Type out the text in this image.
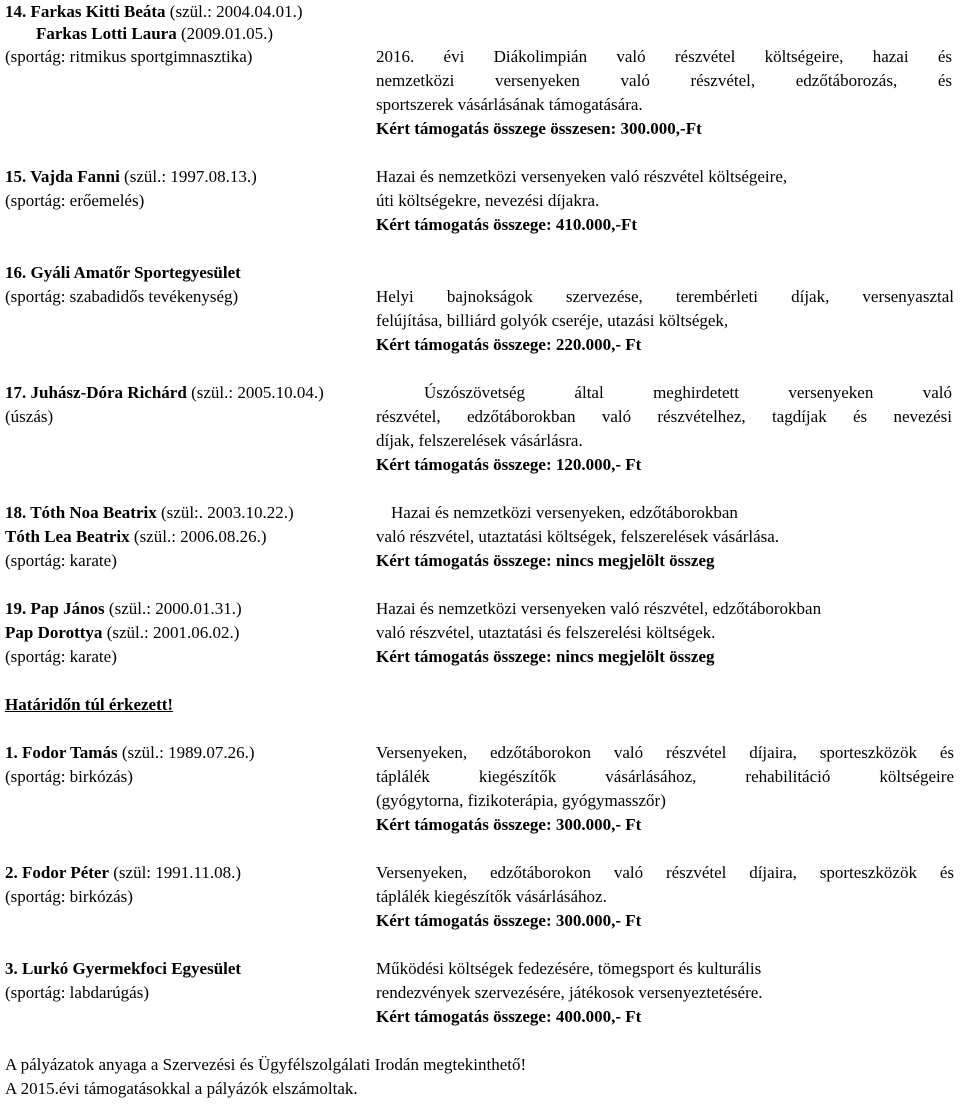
14. Farkas Kitti Beáta (szül.: 2004.04.01.)
Farkas Lotti Laura (2009.01.05.)
(sportág: ritmikus sportgimnasztika)	2016. évi Diákolimpián való részvétel költségeire, hazai és
nemzetközi versenyeken való részvétel, edzőtáborozás, és
sportszerek vásárlásának támogatására.
Kért támogatás összege összesen: 300.000,-Ft
15. Vajda Fanni (szül.: 1997.08.13.)
(sportág: erőemelés)
Hazai és nemzetközi versenyeken való részvétel költségeire,
úti költségekre, nevezési díjakra.
Kért támogatás összege: 410.000,-Ft
16. Gyáli Amatőr Sportegyesület
(sportág: szabadidős tevékenység)	Helyi bajnokságok szervezése, terembérleti díjak, versenyasztal
felújítása, billiárd golyók cseréje, utazási költségek,
Kért támogatás összege: 220.000,- Ft
17. Juhász-Dóra Richárd (szül.: 2005.10.04.)
(úszás)
Úszószövetség által meghirdetett versenyeken való
részvétel, edzőtáborokban való részvételhez, tagdíjak és nevezési
díjak, felszerelések vásárlásra.
Kért támogatás összege: 120.000,- Ft
18. Tóth Noa Beatrix (szül:. 2003.10.22.)
Tóth Lea Beatrix (szül.: 2006.08.26.)
(sportág: karate)
Hazai és nemzetközi versenyeken, edzőtáborokban
való részvétel, utaztatási költségek, felszerelések vásárlása.
Kért támogatás összege: nincs megjelölt összeg
19. Pap János (szül.: 2000.01.31.)
Pap Dorottya (szül.: 2001.06.02.)
(sportág: karate)
Hazai és nemzetközi versenyeken való részvétel, edzőtáborokban
való részvétel, utaztatási és felszerelési költségek.
Kért támogatás összege: nincs megjelölt összeg
Határidőn túl érkezett!
1. Fodor Tamás (szül.: 1989.07.26.)
(sportág: birkózás)
Versenyeken, edzőtáborokon való részvétel díjaira, sporteszközök és
táplálék kiegészítők vásárlásához, rehabilitáció költségeire
(gyógytorna, fizikoterápia, gyógymasszőr)
Kért támogatás összege: 300.000,- Ft
2. Fodor Péter (szül: 1991.11.08.)
(sportág: birkózás)
Versenyeken, edzőtáborokon való részvétel díjaira, sporteszközök és
táplálék kiegészítők vásárlásához.
Kért támogatás összege: 300.000,- Ft
3. Lurkó Gyermekfoci Egyesület
(sportág: labdarúgás)
Működési költségek fedezésére, tömegsport és kulturális
rendezvények szervezésére, játékosok versenyeztetésére.
Kért támogatás összege: 400.000,- Ft
A pályázatok anyaga a Szervezési és Ügyfélszolgálati Irodán megtekinthető!
A 2015.évi támogatásokkal a pályázók elszámoltak.
